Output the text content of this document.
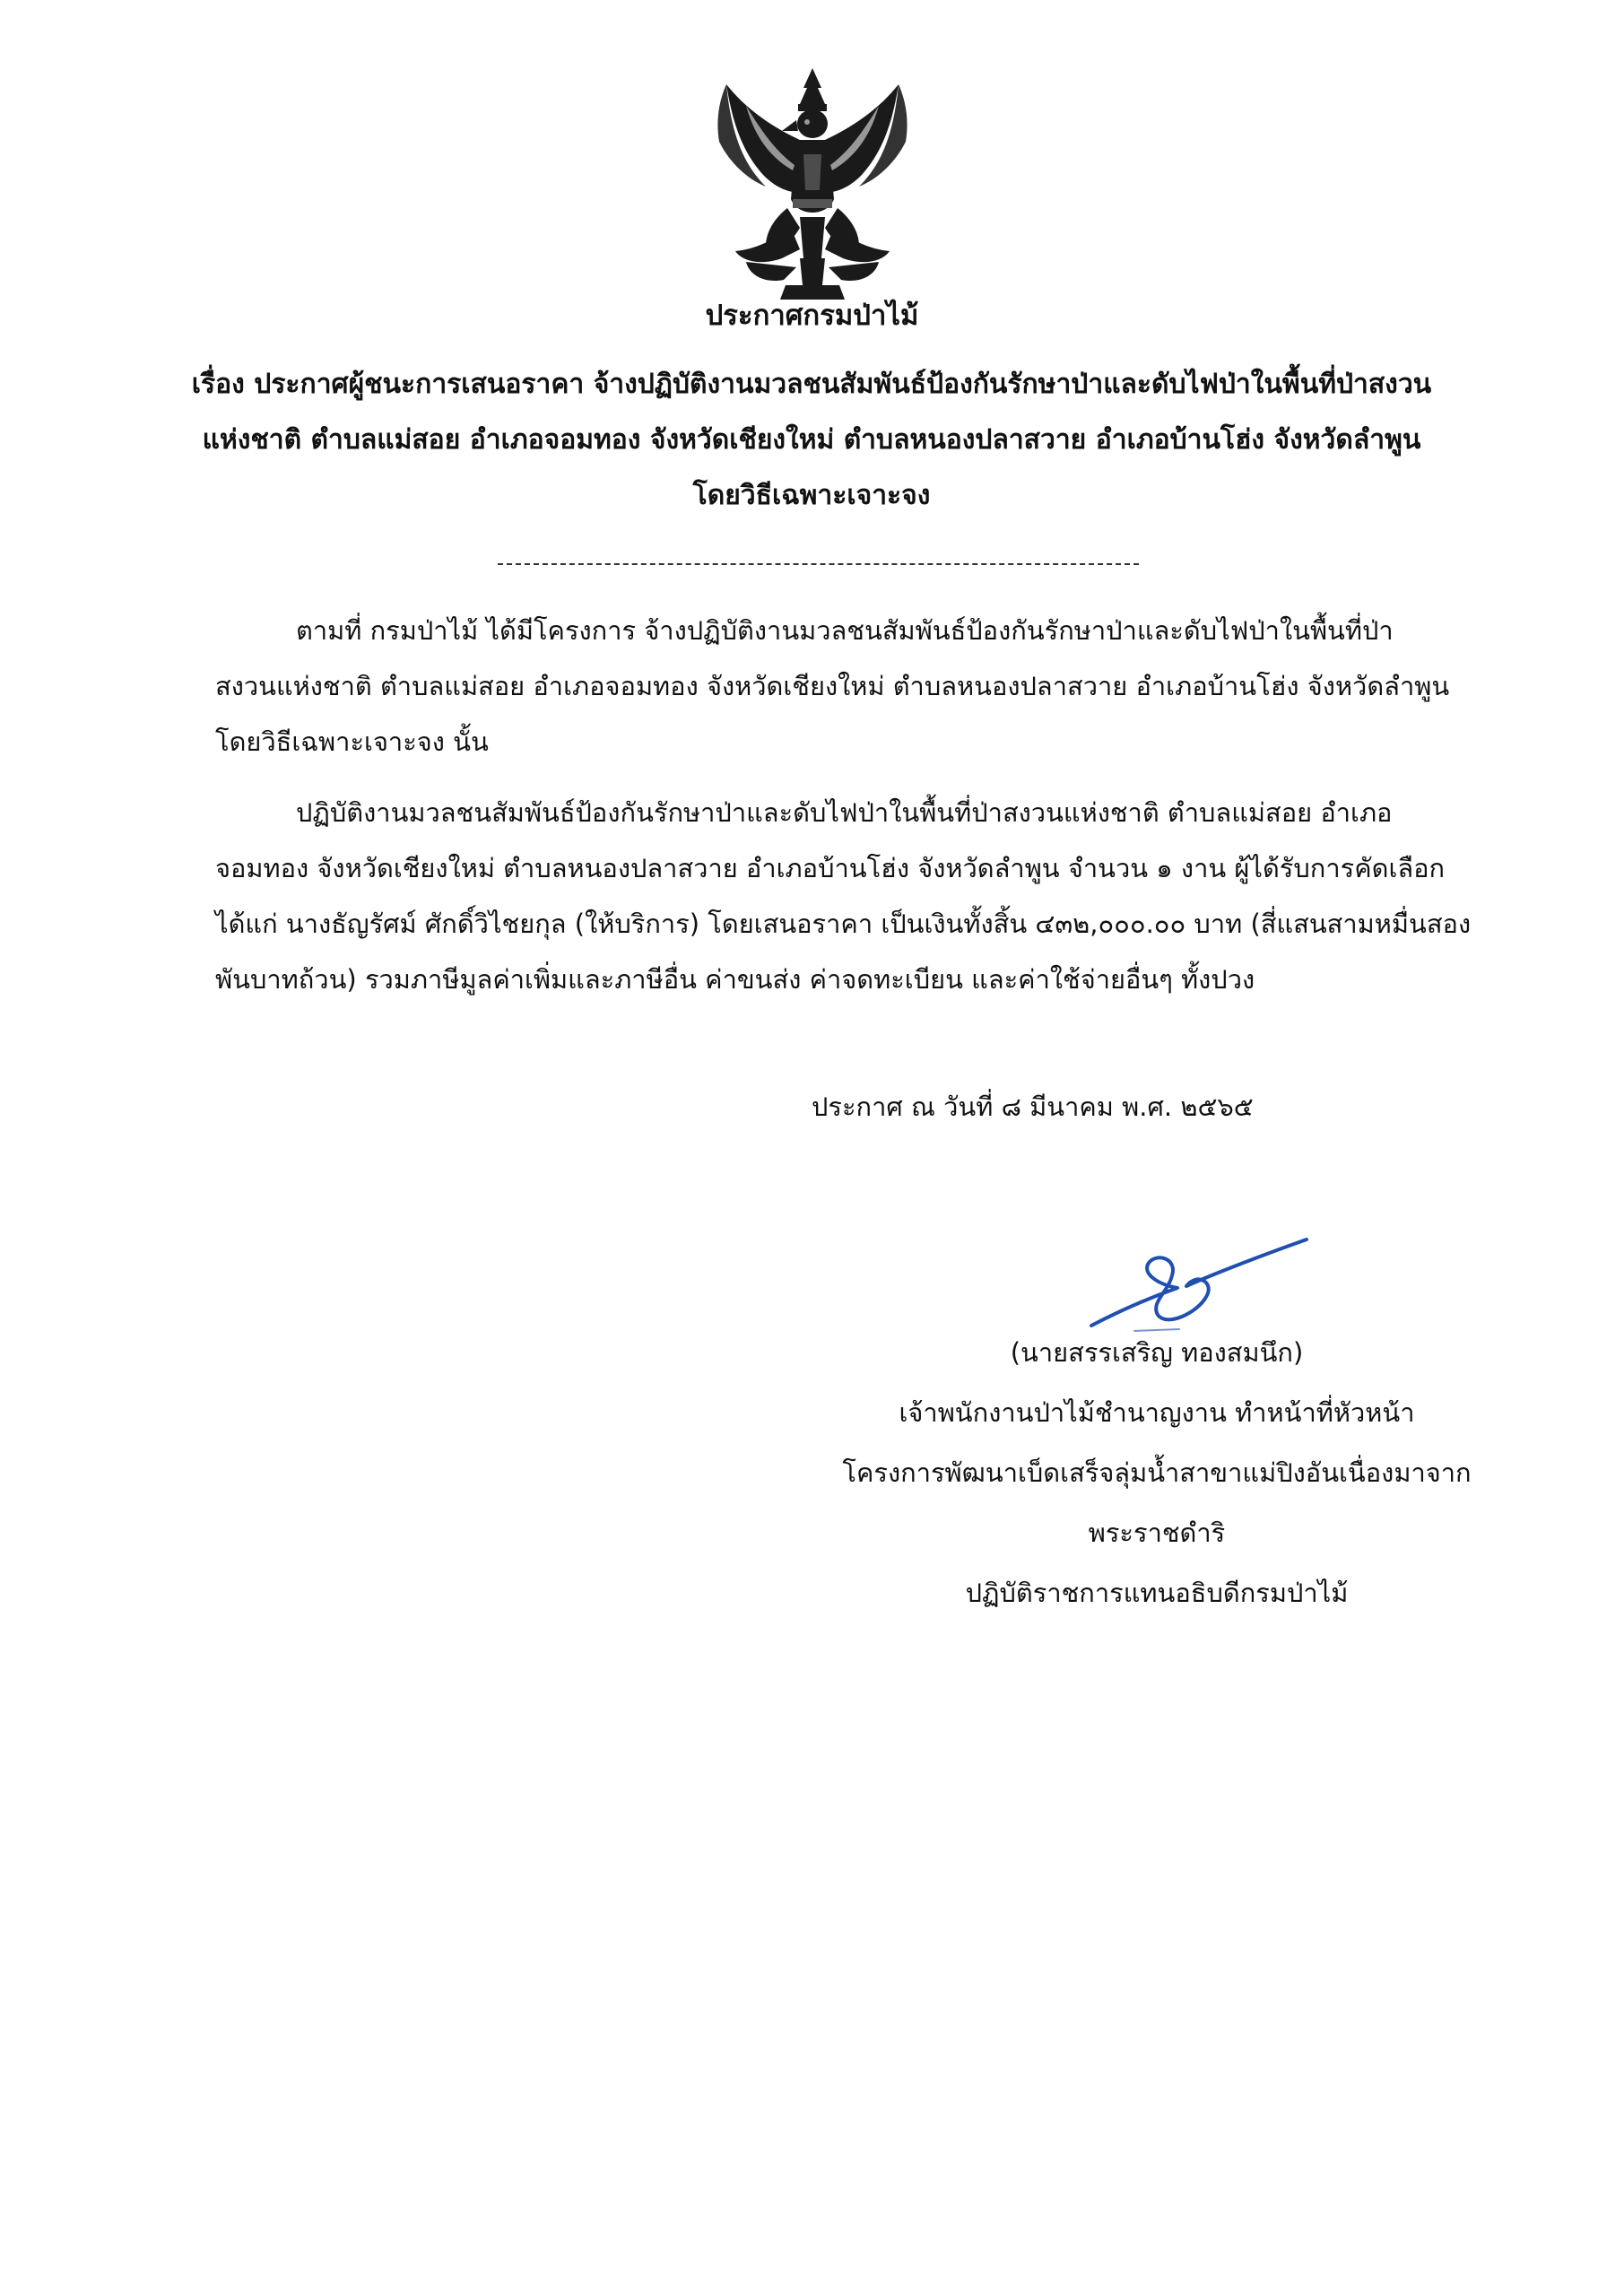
ประกาศกรมป่าไม้
เรื่อง ประกาศผู้ชนะการเสนอราคา จ้างปฏิบัติงานมวลชนสัมพันธ์ป้องกันรักษาป่าและดับไฟป่าในพื้นที่ป่าสงวน
แห่งชาติ ตำบลแม่สอย อำเภอจอมทอง จังหวัดเชียงใหม่ ตำบลหนองปลาสวาย อำเภอบ้านโฮ่ง จังหวัดลำพูน
โดยวิธีเฉพาะเจาะจง
ตามที่ กรมป่าไม้ ได้มีโครงการ จ้างปฏิบัติงานมวลชนสัมพันธ์ป้องกันรักษาป่าและดับไฟป่าในพื้นที่ป่า
สงวนแห่งชาติ ตำบลแม่สอย อำเภอจอมทอง จังหวัดเชียงใหม่ ตำบลหนองปลาสวาย อำเภอบ้านโฮ่ง จังหวัดลำพูน
โดยวิธีเฉพาะเจาะจง นั้น
ปฏิบัติงานมวลชนสัมพันธ์ป้องกันรักษาป่าและดับไฟป่าในพื้นที่ป่าสงวนแห่งชาติ ตำบลแม่สอย อำเภอ
จอมทอง จังหวัดเชียงใหม่ ตำบลหนองปลาสวาย อำเภอบ้านโฮ่ง จังหวัดลำพูน จำนวน ๑ งาน ผู้ได้รับการคัดเลือก
ได้แก่ นางธัญรัศม์ ศักดิ์วิไชยกุล (ให้บริการ) โดยเสนอราคา เป็นเงินทั้งสิ้น ๔๓๒,๐๐๐.๐๐ บาท (สี่แสนสามหมื่นสอง
พันบาทถ้วน) รวมภาษีมูลค่าเพิ่มและภาษีอื่น ค่าขนส่ง ค่าจดทะเบียน และค่าใช้จ่ายอื่นๆ ทั้งปวง
ประกาศ ณ วันที่ ๘ มีนาคม พ.ศ. ๒๕๖๕
(นายสรรเสริญ ทองสมนึก)
เจ้าพนักงานป่าไม้ชำนาญงาน ทำหน้าที่หัวหน้า
โครงการพัฒนาเบ็ดเสร็จลุ่มน้ำสาขาแม่ปิงอันเนื่องมาจาก
พระราชดำริ
ปฏิบัติราชการแทนอธิบดีกรมป่าไม้
